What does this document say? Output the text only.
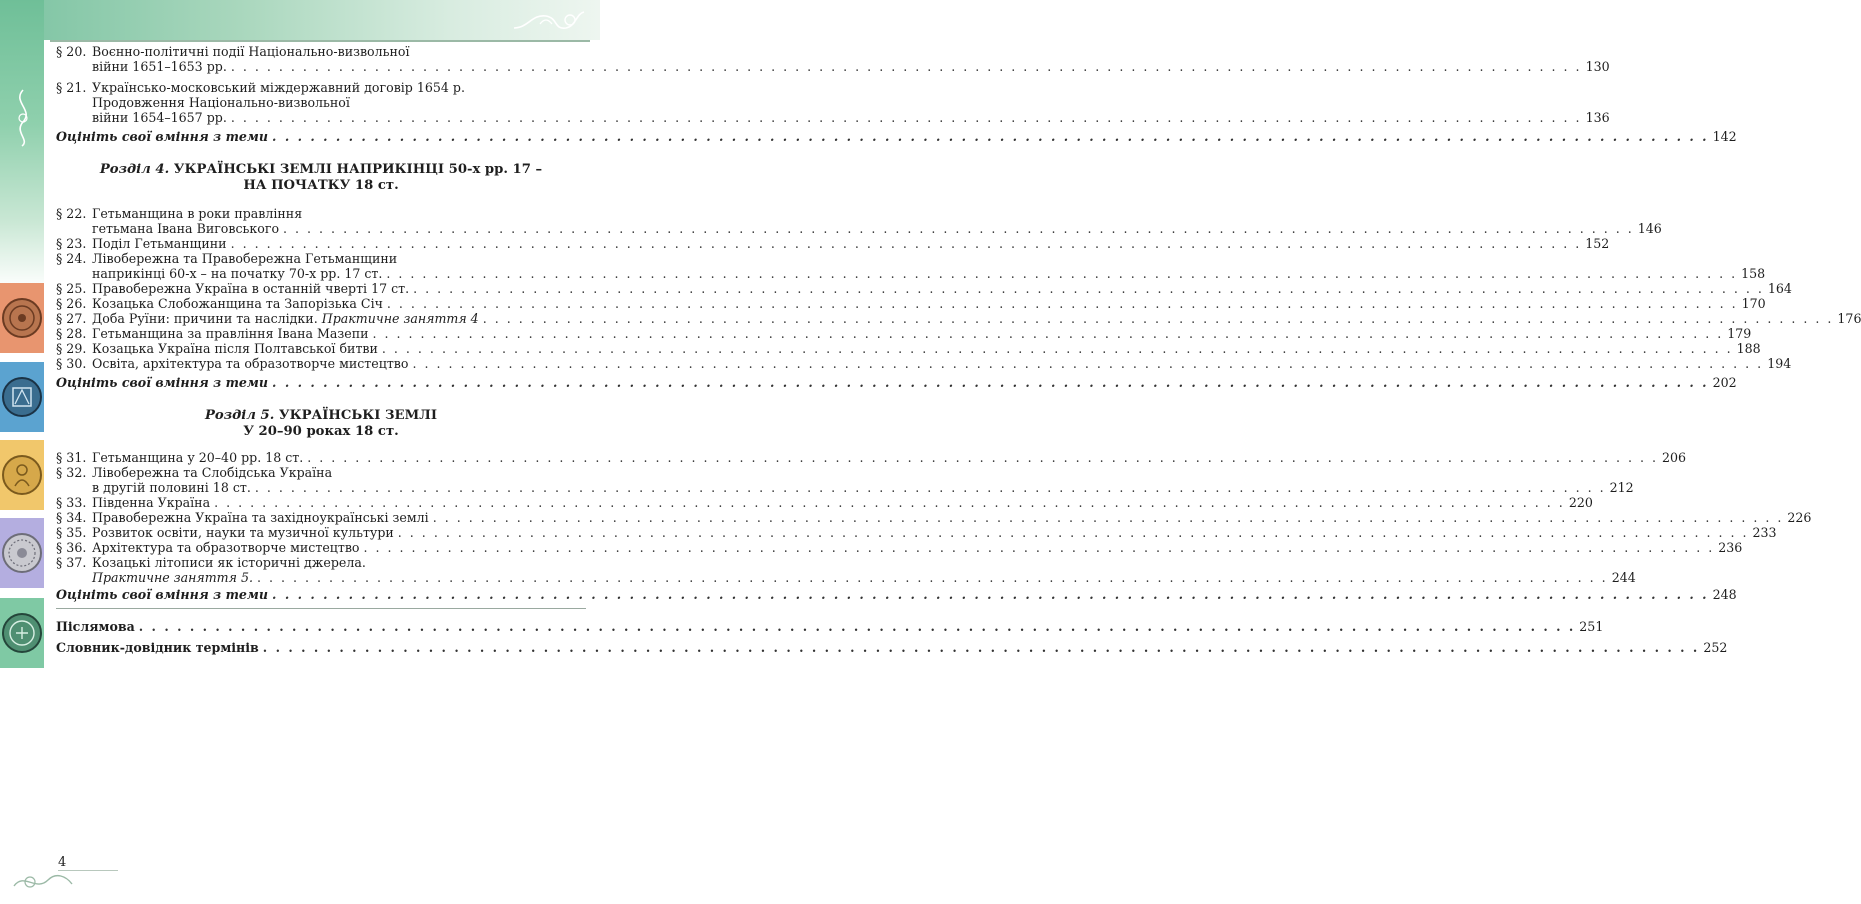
§ 20. Воєнно-політичні події Національно-визвольної
війни 1651–1653 рр. . . .	130
§ 21. Українсько-московський міждержавний договір 1654 р.
Продовження Національно-визвольної
війни 1654–1657 рр. . . .	136
Оцініть свої вміння з теми . . .	142
Розділ 4. УКРАЇНСЬКІ ЗЕМЛІ НАПРИКІНЦІ 50-х рр. 17 –
НА ПОЧАТКУ 18 ст.
§ 22. Гетьманщина в роки правління
гетьмана Івана Виговського . . .	146
§ 23. Поділ Гетьманщини . . .	152
§ 24. Лівобережна та Правобережна Гетьманщини
наприкінці 60-х – на початку 70-х рр. 17 ст. . . .	158
§ 25. Правобережна Україна в останній чверті 17 ст. . . .	164
§ 26. Козацька Слобожанщина та Запорізька Січ . . .	170
§ 27. Доба Руїни: причини та наслідки.
Практичне заняття 4 . . .	176
§ 28. Гетьманщина за правління Івана Мазепи . . .	179
§ 29. Козацька Україна після Полтавської битви . . .	188
§ 30. Освіта, архітектура та образотворче мистецтво . . .	194
Оцініть свої вміння з теми . . .	202
Розділ 5. УКРАЇНСЬКІ ЗЕМЛІ
У 20–90 роках 18 ст.
§ 31. Гетьманщина у 20–40 рр. 18 ст. . . .	206
§ 32. Лівобережна та Слобідська Україна
в другій половині 18 ст. . . .	212
§ 33. Південна Україна . . .	220
§ 34. Правобережна Україна та західноукраїнські землі . . .	226
§ 35. Розвиток освіти, науки та музичної культури . . .	233
§ 36. Архітектура та образотворче мистецтво . . .	236
§ 37. Козацькі літописи як історичні джерела.
Практичне заняття 5. . . .	244
Оцініть свої вміння з теми . . .	248
Післямова . . .	251
Словник-довідник термінів . . .	252
4
